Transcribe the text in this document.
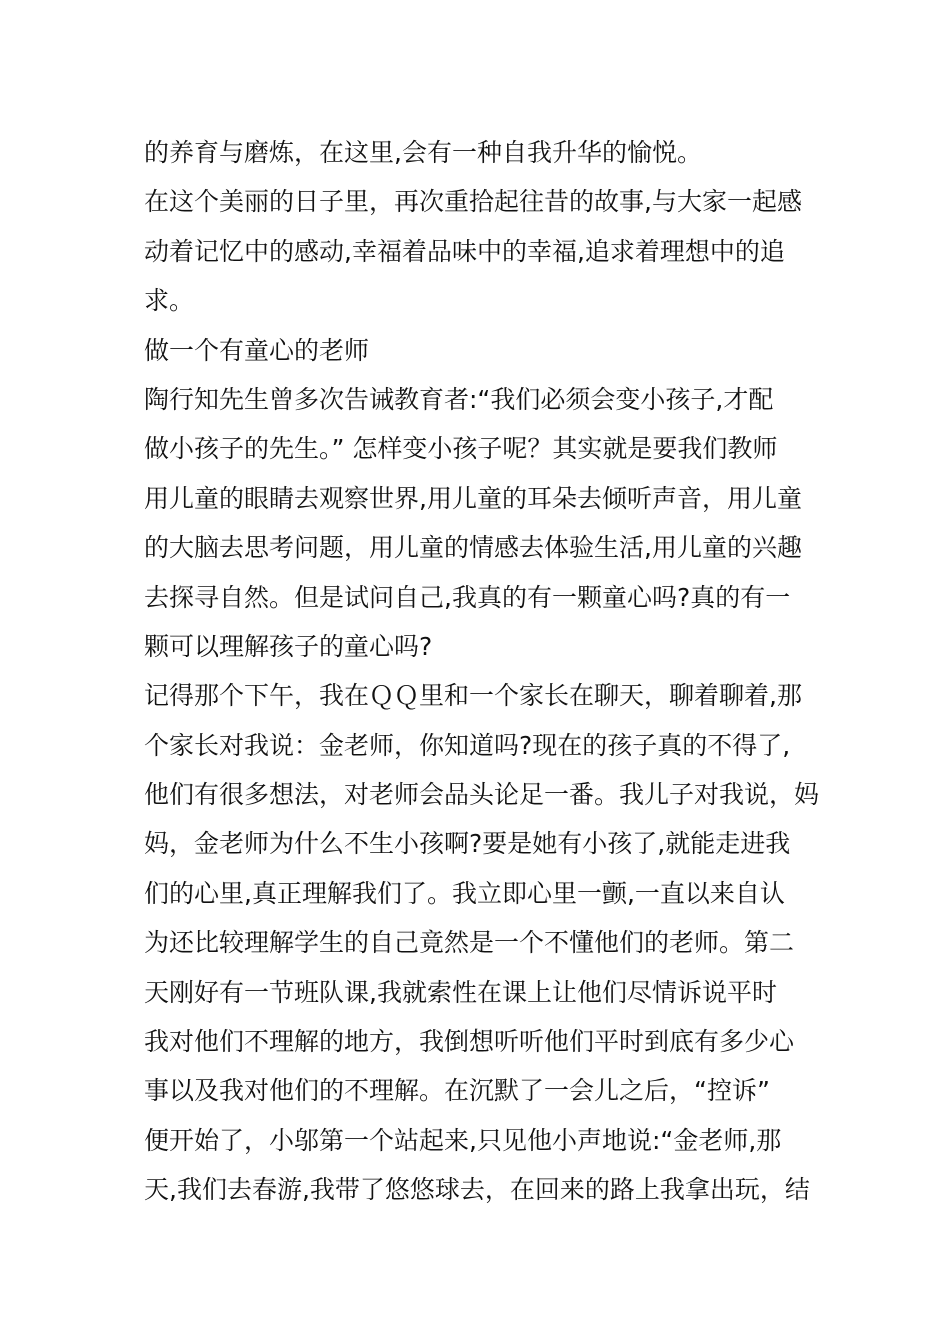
的养育与磨炼，在这里,会有一种自我升华的愉悦。
在这个美丽的日子里，再次重拾起往昔的故事,与大家一起感
动着记忆中的感动,幸福着品味中的幸福,追求着理想中的追
求。
做一个有童心的老师
陶行知先生曾多次告诫教育者:“我们必须会变小孩子,才配
做小孩子的先生。” 怎样变小孩子呢？其实就是要我们教师
用儿童的眼睛去观察世界,用儿童的耳朵去倾听声音，用儿童
的大脑去思考问题，用儿童的情感去体验生活,用儿童的兴趣
去探寻自然。但是试问自己,我真的有一颗童心吗?真的有一
颗可以理解孩子的童心吗?
记得那个下午，我在ＱＱ里和一个家长在聊天，聊着聊着,那
个家长对我说：金老师，你知道吗?现在的孩子真的不得了,
他们有很多想法，对老师会品头论足一番。我儿子对我说，妈
妈，金老师为什么不生小孩啊?要是她有小孩了,就能走进我
们的心里,真正理解我们了。我立即心里一颤,一直以来自认
为还比较理解学生的自己竟然是一个不懂他们的老师。第二
天刚好有一节班队课,我就索性在课上让他们尽情诉说平时
我对他们不理解的地方，我倒想听听他们平时到底有多少心
事以及我对他们的不理解。在沉默了一会儿之后，“控诉”
便开始了，小邬第一个站起来,只见他小声地说:“金老师,那
天,我们去春游,我带了悠悠球去，在回来的路上我拿出玩，结
